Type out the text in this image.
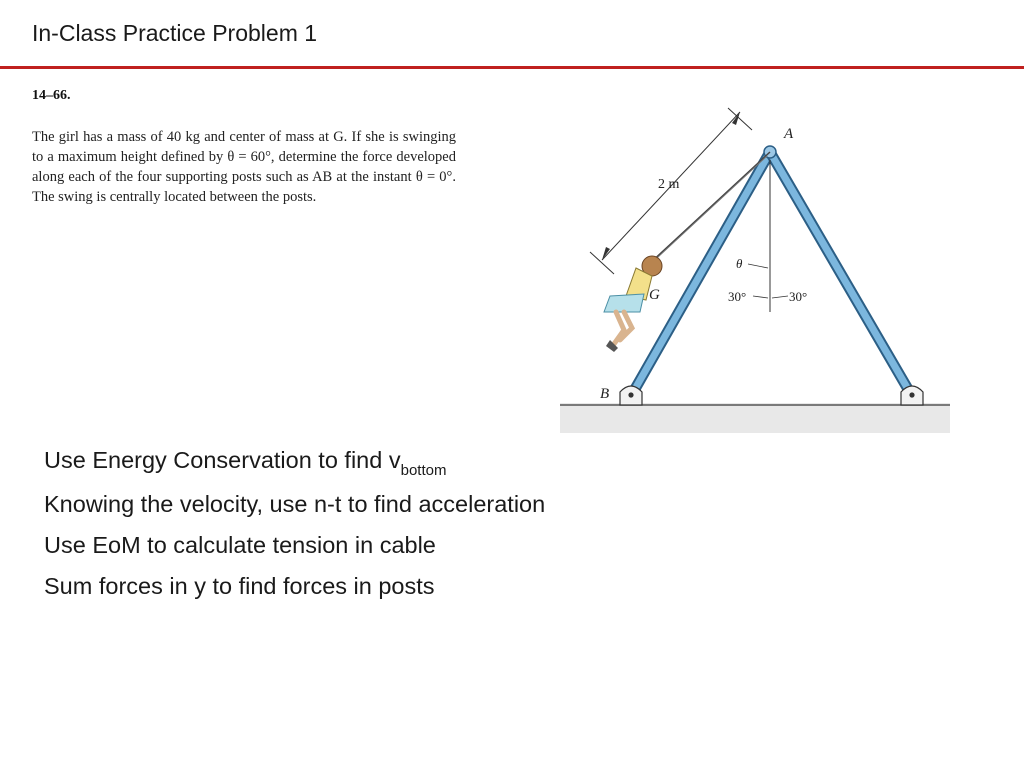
In-Class Practice Problem 1
14–66.
The girl has a mass of 40 kg and center of mass at G. If she is swinging to a maximum height defined by θ = 60°, determine the force developed along each of the four supporting posts such as AB at the instant θ = 0°. The swing is centrally located between the posts.
A
B
G
2 m
θ
30°	30°
Use Energy Conservation to find $v_{bottom}$
Knowing the velocity, use n-t to find acceleration
Use EoM to calculate tension in cable
Sum forces in y to find forces in posts
